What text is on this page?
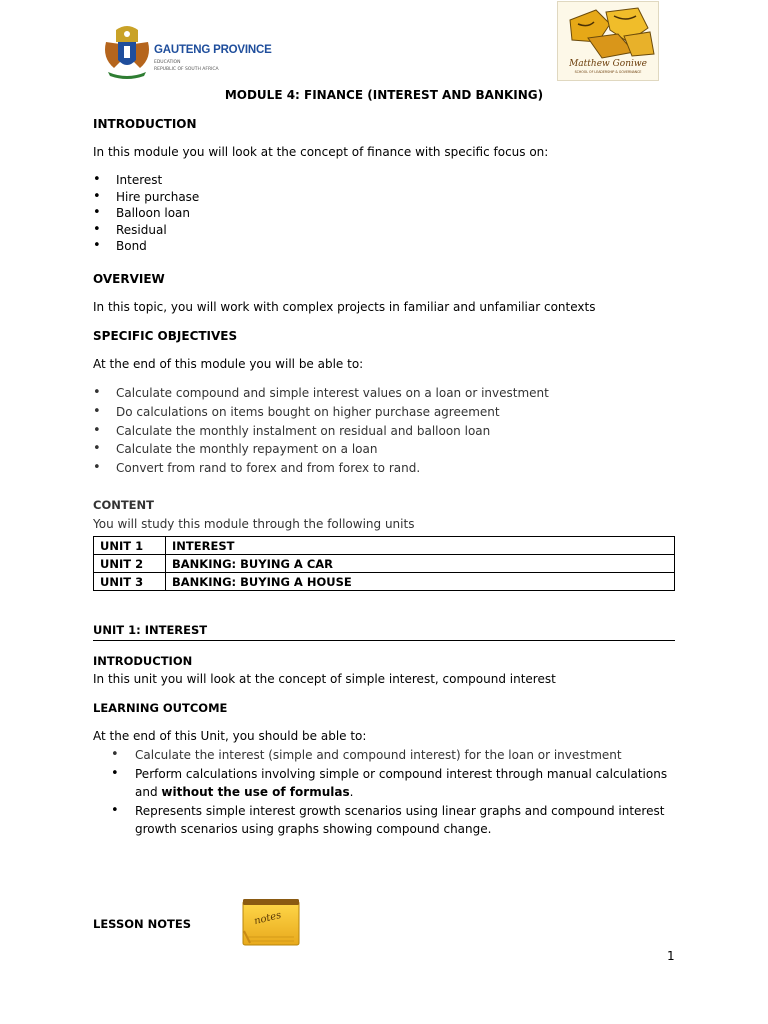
GAUTENG PROVINCE
EDUCATION
REPUBLIC OF SOUTH AFRICA
Matthew Goniwe
SCHOOL OF LEADERSHIP & GOVERNANCE
MODULE 4: FINANCE (INTEREST AND BANKING)
INTRODUCTION
In this module you will look at the concept of finance with specific focus on:
• Interest
• Hire purchase
• Balloon loan
• Residual
• Bond
OVERVIEW
In this topic, you will work with complex projects in familiar and unfamiliar contexts
SPECIFIC OBJECTIVES
At the end of this module you will be able to:
• Calculate compound and simple interest values on a loan or investment
• Do calculations on items bought on higher purchase agreement
• Calculate the monthly instalment on residual and balloon loan
• Calculate the monthly repayment on a loan
• Convert from rand to forex and from forex to rand.
CONTENT
You will study this module through the following units
UNIT 1	INTEREST
UNIT 2	BANKING: BUYING A CAR
UNIT 3	BANKING: BUYING A HOUSE
UNIT 1: INTEREST
INTRODUCTION
In this unit you will look at the concept of simple interest, compound interest
LEARNING OUTCOME
At the end of this Unit, you should be able to:
• Calculate the interest (simple and compound interest) for the loan or investment
• Perform calculations involving simple or compound interest through manual calculations and without the use of formulas.
• Represents simple interest growth scenarios using linear graphs and compound interest growth scenarios using graphs showing compound change.
LESSON NOTES	notes
1
